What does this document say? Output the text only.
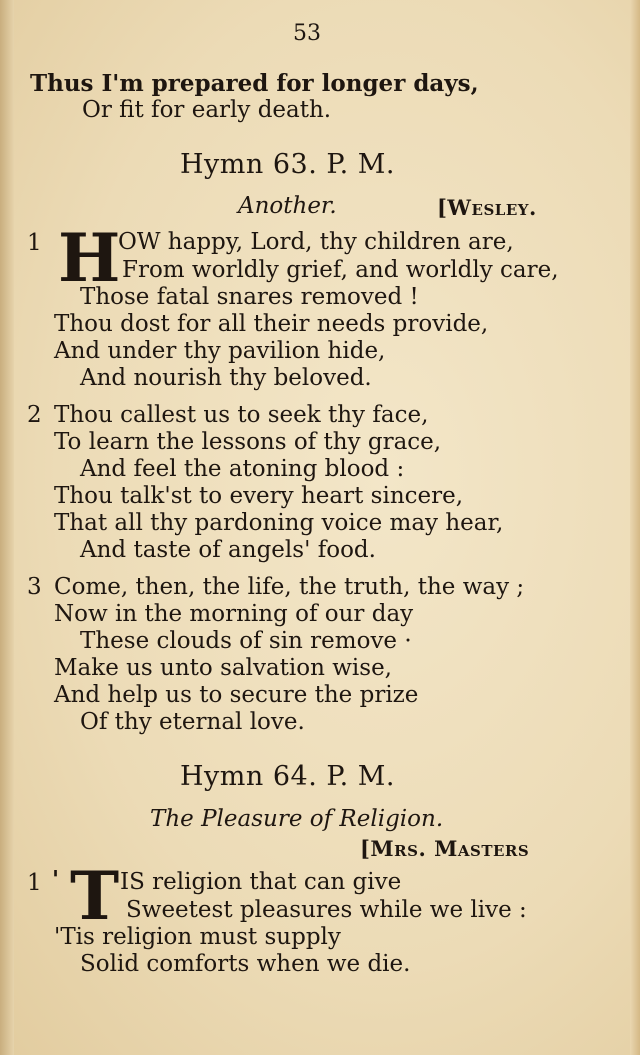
53
Thus I'm prepared for longer days,
Or fit for early death.
Hymn 63. P. M.
Another.	[Wesley.
1 H
OW happy, Lord, thy children are,
From worldly grief, and worldly care,
Those fatal snares removed !
Thou dost for all their needs provide,
And under thy pavilion hide,
And nourish thy beloved.
2 Thou callest us to seek thy face,
To learn the lessons of thy grace,
And feel the atoning blood :
Thou talk'st to every heart sincere,
That all thy pardoning voice may hear,
And taste of angels' food.
3 Come, then, the life, the truth, the way ;
Now in the morning of our day
These clouds of sin remove ·
Make us unto salvation wise,
And help us to secure the prize
Of thy eternal love.
Hymn 64. P. M.
The Pleasure of Religion.
[Mrs. Masters
1 ' T IS religion that can give
Sweetest pleasures while we live :
'Tis religion must supply
Solid comforts when we die.
